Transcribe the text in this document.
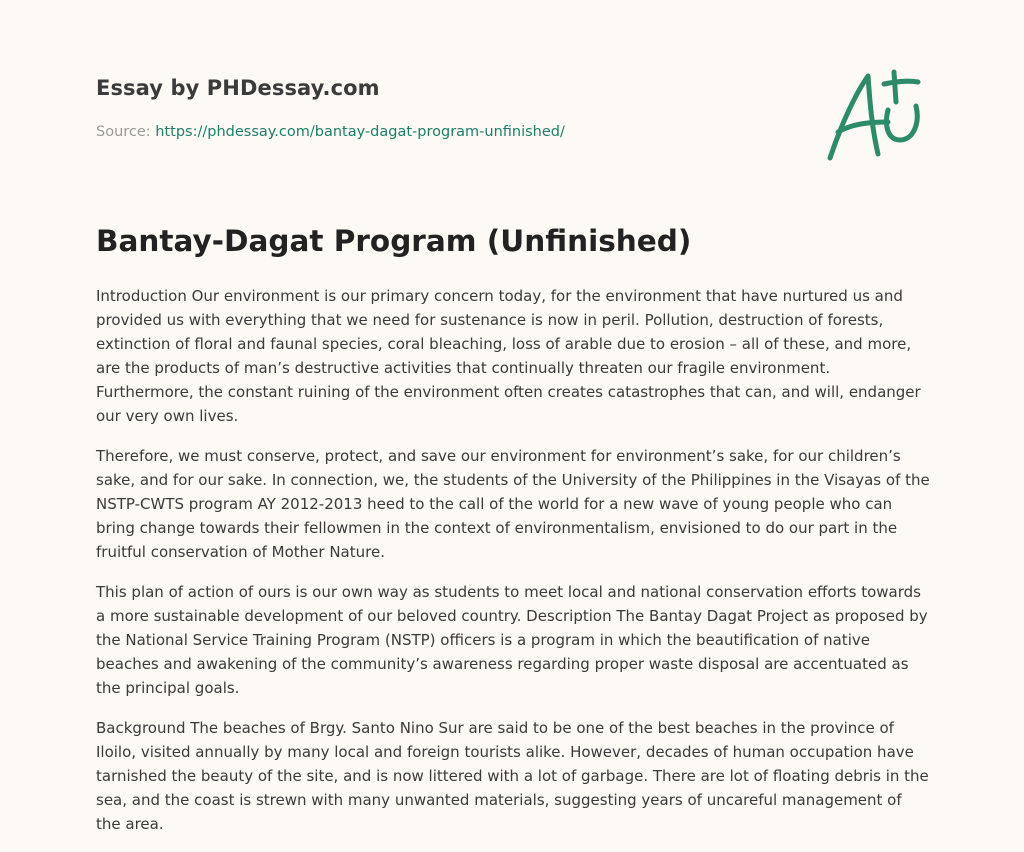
Essay by PHDessay.com
Source: https://phdessay.com/bantay-dagat-program-unfinished/
Bantay-Dagat Program (Unfinished)

Introduction Our environment is our primary concern today, for the environment that have nurtured us and provided us with everything that we need for sustenance is now in peril. Pollution, destruction of forests, extinction of floral and faunal species, coral bleaching, loss of arable due to erosion – all of these, and more, are the products of man’s destructive activities that continually threaten our fragile environment. Furthermore, the constant ruining of the environment often creates catastrophes that can, and will, endanger our very own lives.

Therefore, we must conserve, protect, and save our environment for environment’s sake, for our children’s sake, and for our sake. In connection, we, the students of the University of the Philippines in the Visayas of the NSTP-CWTS program AY 2012-2013 heed to the call of the world for a new wave of young people who can bring change towards their fellowmen in the context of environmentalism, envisioned to do our part in the fruitful conservation of Mother Nature.

This plan of action of ours is our own way as students to meet local and national conservation efforts towards a more sustainable development of our beloved country. Description The Bantay Dagat Project as proposed by the National Service Training Program (NSTP) officers is a program in which the beautification of native beaches and awakening of the community’s awareness regarding proper waste disposal are accentuated as the principal goals.

Background The beaches of Brgy. Santo Nino Sur are said to be one of the best beaches in the province of Iloilo, visited annually by many local and foreign tourists alike. However, decades of human occupation have tarnished the beauty of the site, and is now littered with a lot of garbage. There are lot of floating debris in the sea, and the coast is strewn with many unwanted materials, suggesting years of uncareful management of the area.
